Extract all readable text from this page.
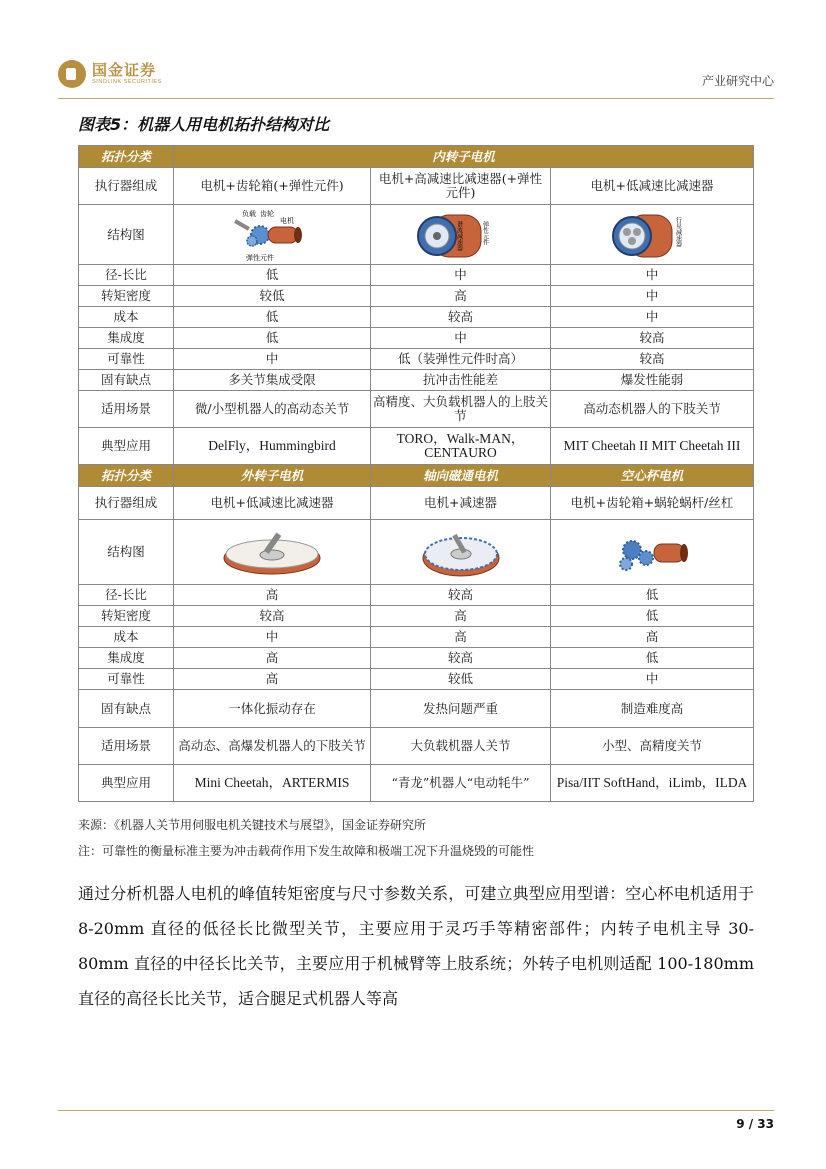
国金证券
SINOLINK SECURITIES	产业研究中心
图表5：机器人用电机拓扑结构对比
拓扑分类	内转子电机		
执行器组成	电机+齿轮箱(+弹性元件)	电机+高减速比减速器(+弹性元件)	电机+低减速比减速器
结构图	负载 齿轮
电机
弹性元件	谐波减速器 弹性元件	行星减速器

径-长比	低	中	中
转矩密度	较低	高	中
成本	低	较高	中
集成度	低	中	较高
可靠性	中	低（装弹性元件时高）	较高
固有缺点	多关节集成受限	抗冲击性能差	爆发性能弱
适用场景	微/小型机器人的高动态关节	高精度、大负载机器人的上肢关节	高动态机器人的下肢关节
典型应用	DelFly，Hummingbird	TORO，Walk-MAN，CENTAURO	MIT Cheetah II MIT Cheetah III
拓扑分类	外转子电机	轴向磁通电机	空心杯电机
执行器组成	电机+低减速比减速器	电机+减速器	电机+齿轮箱+蜗轮蜗杆/丝杠
结构图	

径-长比	高	较高	低
转矩密度	较高	高	低
成本	中	高	高
集成度	高	较高	低
可靠性	高	较低	中
固有缺点	一体化振动存在	发热问题严重	制造难度高
适用场景	高动态、高爆发机器人的下肢关节	大负载机器人关节	小型、高精度关节
典型应用	Mini Cheetah，ARTERMIS	“青龙”机器人“电动牦牛”	Pisa/IIT SoftHand，iLimb，ILDA
来源：《机器人关节用伺服电机关键技术与展望》，国金证券研究所
注：可靠性的衡量标准主要为冲击载荷作用下发生故障和极端工况下升温烧毁的可能性

通过分析机器人电机的峰值转矩密度与尺寸参数关系，可建立典型应用型谱：空心杯电机适用于 8-20mm 直径的低径长比微型关节，主要应用于灵巧手等精密部件；内转子电机主导 30-80mm 直径的中径长比关节，主要应用于机械臂等上肢系统；外转子电机则适配 100-180mm 直径的高径长比关节，适合腿足式机器人等高

9 / 33
